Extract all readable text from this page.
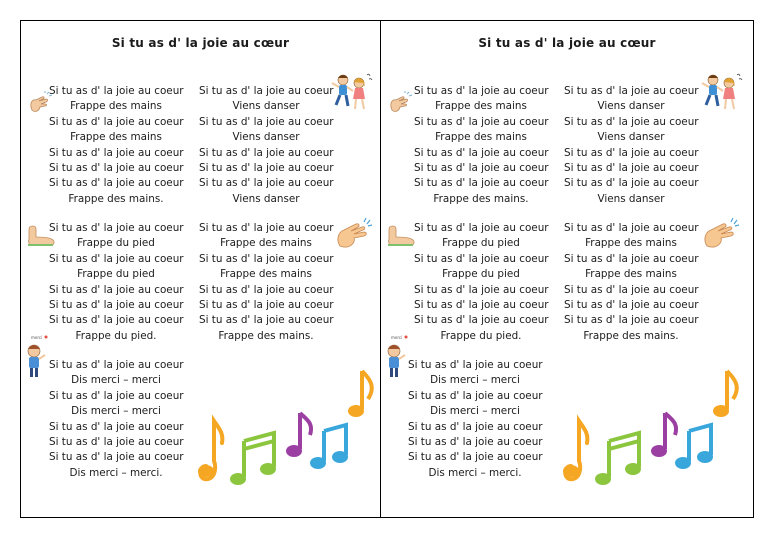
Si tu as d' la joie au cœur
Si tu as d' la joie au coeur
Frappe des mains
Si tu as d' la joie au coeur
Frappe des mains
Si tu as d' la joie au coeur
Si tu as d' la joie au coeur
Si tu as d' la joie au coeur
Frappe des mains.
Si tu as d' la joie au coeur
Viens danser
Si tu as d' la joie au coeur
Viens danser
Si tu as d' la joie au coeur
Si tu as d' la joie au coeur
Si tu as d' la joie au coeur
Viens danser
Si tu as d' la joie au coeur
Frappe du pied
Si tu as d' la joie au coeur
Frappe du pied
Si tu as d' la joie au coeur
Si tu as d' la joie au coeur
Si tu as d' la joie au coeur
Frappe du pied.
Si tu as d' la joie au coeur
Frappe des mains
Si tu as d' la joie au coeur
Frappe des mains
Si tu as d' la joie au coeur
Si tu as d' la joie au coeur
Si tu as d' la joie au coeur
Frappe des mains.
Si tu as d' la joie au coeur
Dis merci – merci
Si tu as d' la joie au coeur
Dis merci – merci
Si tu as d' la joie au coeur
Si tu as d' la joie au coeur
Si tu as d' la joie au coeur
Dis merci – merci.
merci
Si tu as d' la joie au cœur
Si tu as d' la joie au coeur
Frappe des mains
Si tu as d' la joie au coeur
Frappe des mains
Si tu as d' la joie au coeur
Si tu as d' la joie au coeur
Si tu as d' la joie au coeur
Frappe des mains.
Si tu as d' la joie au coeur
Viens danser
Si tu as d' la joie au coeur
Viens danser
Si tu as d' la joie au coeur
Si tu as d' la joie au coeur
Si tu as d' la joie au coeur
Viens danser
Si tu as d' la joie au coeur
Frappe du pied
Si tu as d' la joie au coeur
Frappe du pied
Si tu as d' la joie au coeur
Si tu as d' la joie au coeur
Si tu as d' la joie au coeur
Frappe du pied.
Si tu as d' la joie au coeur
Frappe des mains
Si tu as d' la joie au coeur
Frappe des mains
Si tu as d' la joie au coeur
Si tu as d' la joie au coeur
Si tu as d' la joie au coeur
Frappe des mains.
Si tu as d' la joie au coeur
Dis merci – merci
Si tu as d' la joie au coeur
Dis merci – merci
Si tu as d' la joie au coeur
Si tu as d' la joie au coeur
Si tu as d' la joie au coeur
Dis merci – merci.
merci
